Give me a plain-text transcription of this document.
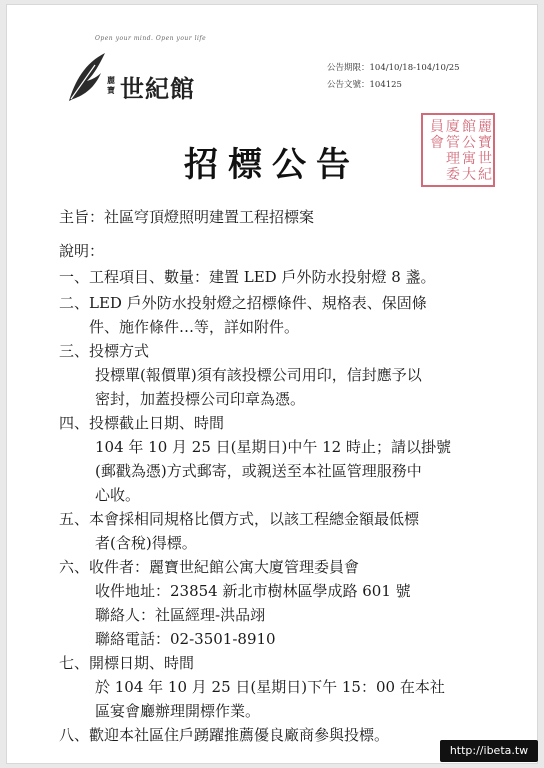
Open your mind. Open your life
麗寶 世紀館
公告期限：104/10/18-104/10/25
公告文號：104125
麗寶世紀
館公寓大
廈管理委
員會
招標公告
主旨：社區穹頂燈照明建置工程招標案
說明：
一、工程項目、數量：建置 LED 戶外防水投射燈 8 盞。
二、LED 戶外防水投射燈之招標條件、規格表、保固條
件、施作條件…等，詳如附件。
三、投標方式
投標單(報價單)須有該投標公司用印，信封應予以
密封，加蓋投標公司印章為憑。
四、投標截止日期、時間
104 年 10 月 25 日(星期日)中午 12 時止；請以掛號
(郵戳為憑)方式郵寄，或親送至本社區管理服務中
心收。
五、本會採相同規格比價方式，以該工程總金額最低標
者(含稅)得標。
六、收件者：麗寶世紀館公寓大廈管理委員會
收件地址：23854 新北市樹林區學成路 601 號
聯絡人：社區經理-洪品翊
聯絡電話：02-3501-8910
七、開標日期、時間
於 104 年 10 月 25 日(星期日)下午 15：00 在本社
區宴會廳辦理開標作業。
八、歡迎本社區住戶踴躍推薦優良廠商參與投標。
http://ibeta.tw
